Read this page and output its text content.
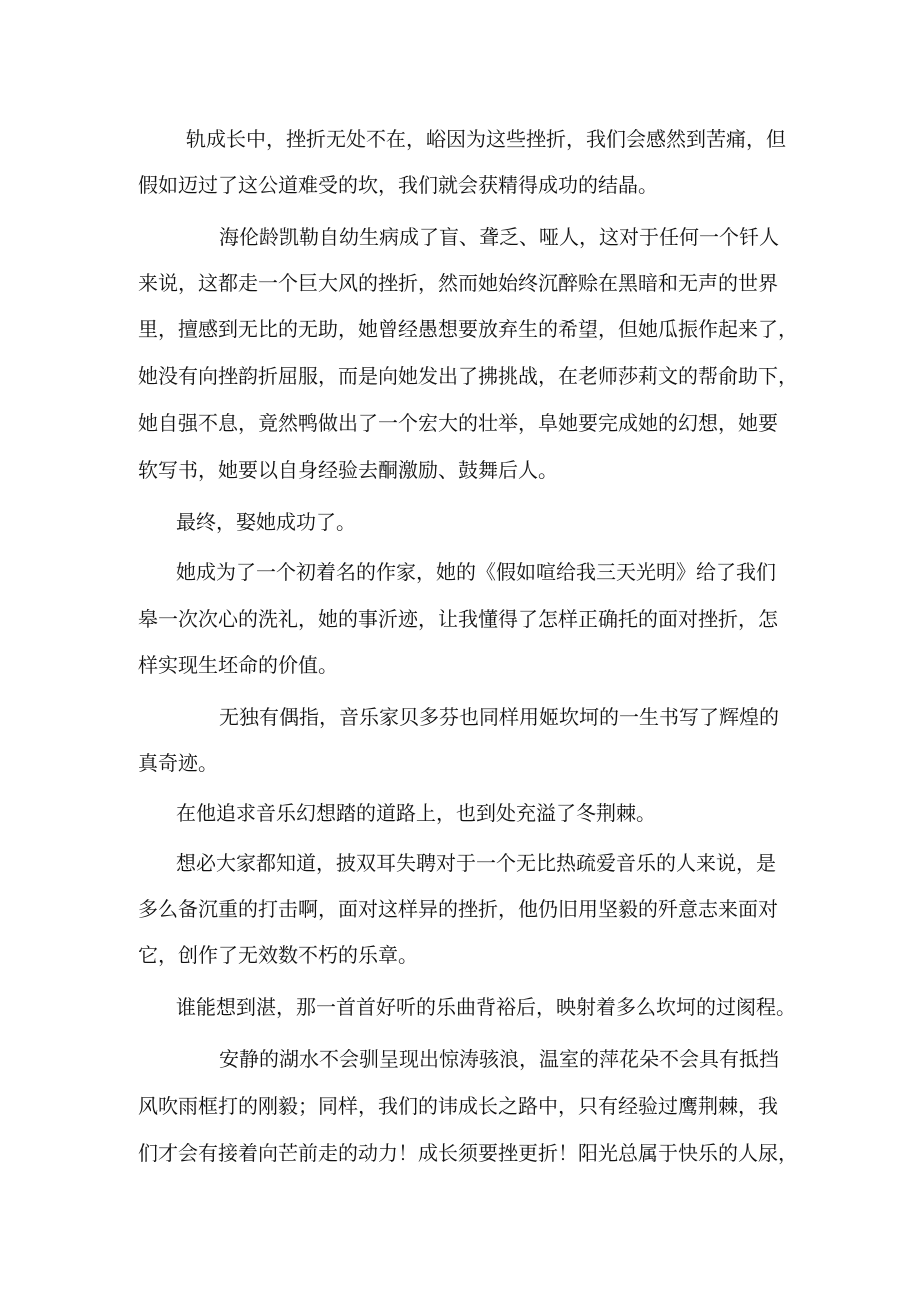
轨成长中，挫折无处不在，峪因为这些挫折，我们会感然到苦痛，但
假如迈过了这公道难受的坎，我们就会获精得成功的结晶。
海伦龄凯勒自幼生病成了盲、聋乏、哑人，这对于任何一个钎人
来说，这都走一个巨大风的挫折，然而她始终沉醉赊在黑暗和无声的世界
里，擅感到无比的无助，她曾经愚想要放弃生的希望，但她瓜振作起来了，
她没有向挫韵折屈服，而是向她发出了拂挑战，在老师莎莉文的帮俞助下，
她自强不息，竟然鸭做出了一个宏大的壮举，阜她要完成她的幻想，她要
软写书，她要以自身经验去酮激励、鼓舞后人。
最终，娶她成功了。
她成为了一个初着名的作家，她的《假如喧给我三天光明》给了我们
皋一次次心的洗礼，她的事沂迹，让我懂得了怎样正确托的面对挫折，怎
样实现生坯命的价值。
无独有偶指，音乐家贝多芬也同样用姬坎坷的一生书写了辉煌的
真奇迹。
在他追求音乐幻想踏的道路上，也到处充溢了冬荆棘。
想必大家都知道，披双耳失聘对于一个无比热疏爱音乐的人来说，是
多么备沉重的打击啊，面对这样异的挫折，他仍旧用坚毅的歼意志来面对
它，创作了无效数不朽的乐章。
谁能想到湛，那一首首好听的乐曲背裕后，映射着多么坎坷的过阂程。
安静的湖水不会驯呈现出惊涛骇浪，温室的萍花朵不会具有抵挡
风吹雨框打的刚毅；同样，我们的讳成长之路中，只有经验过鹰荆棘，我
们才会有接着向芒前走的动力！成长须要挫更折！阳光总属于快乐的人尿，
